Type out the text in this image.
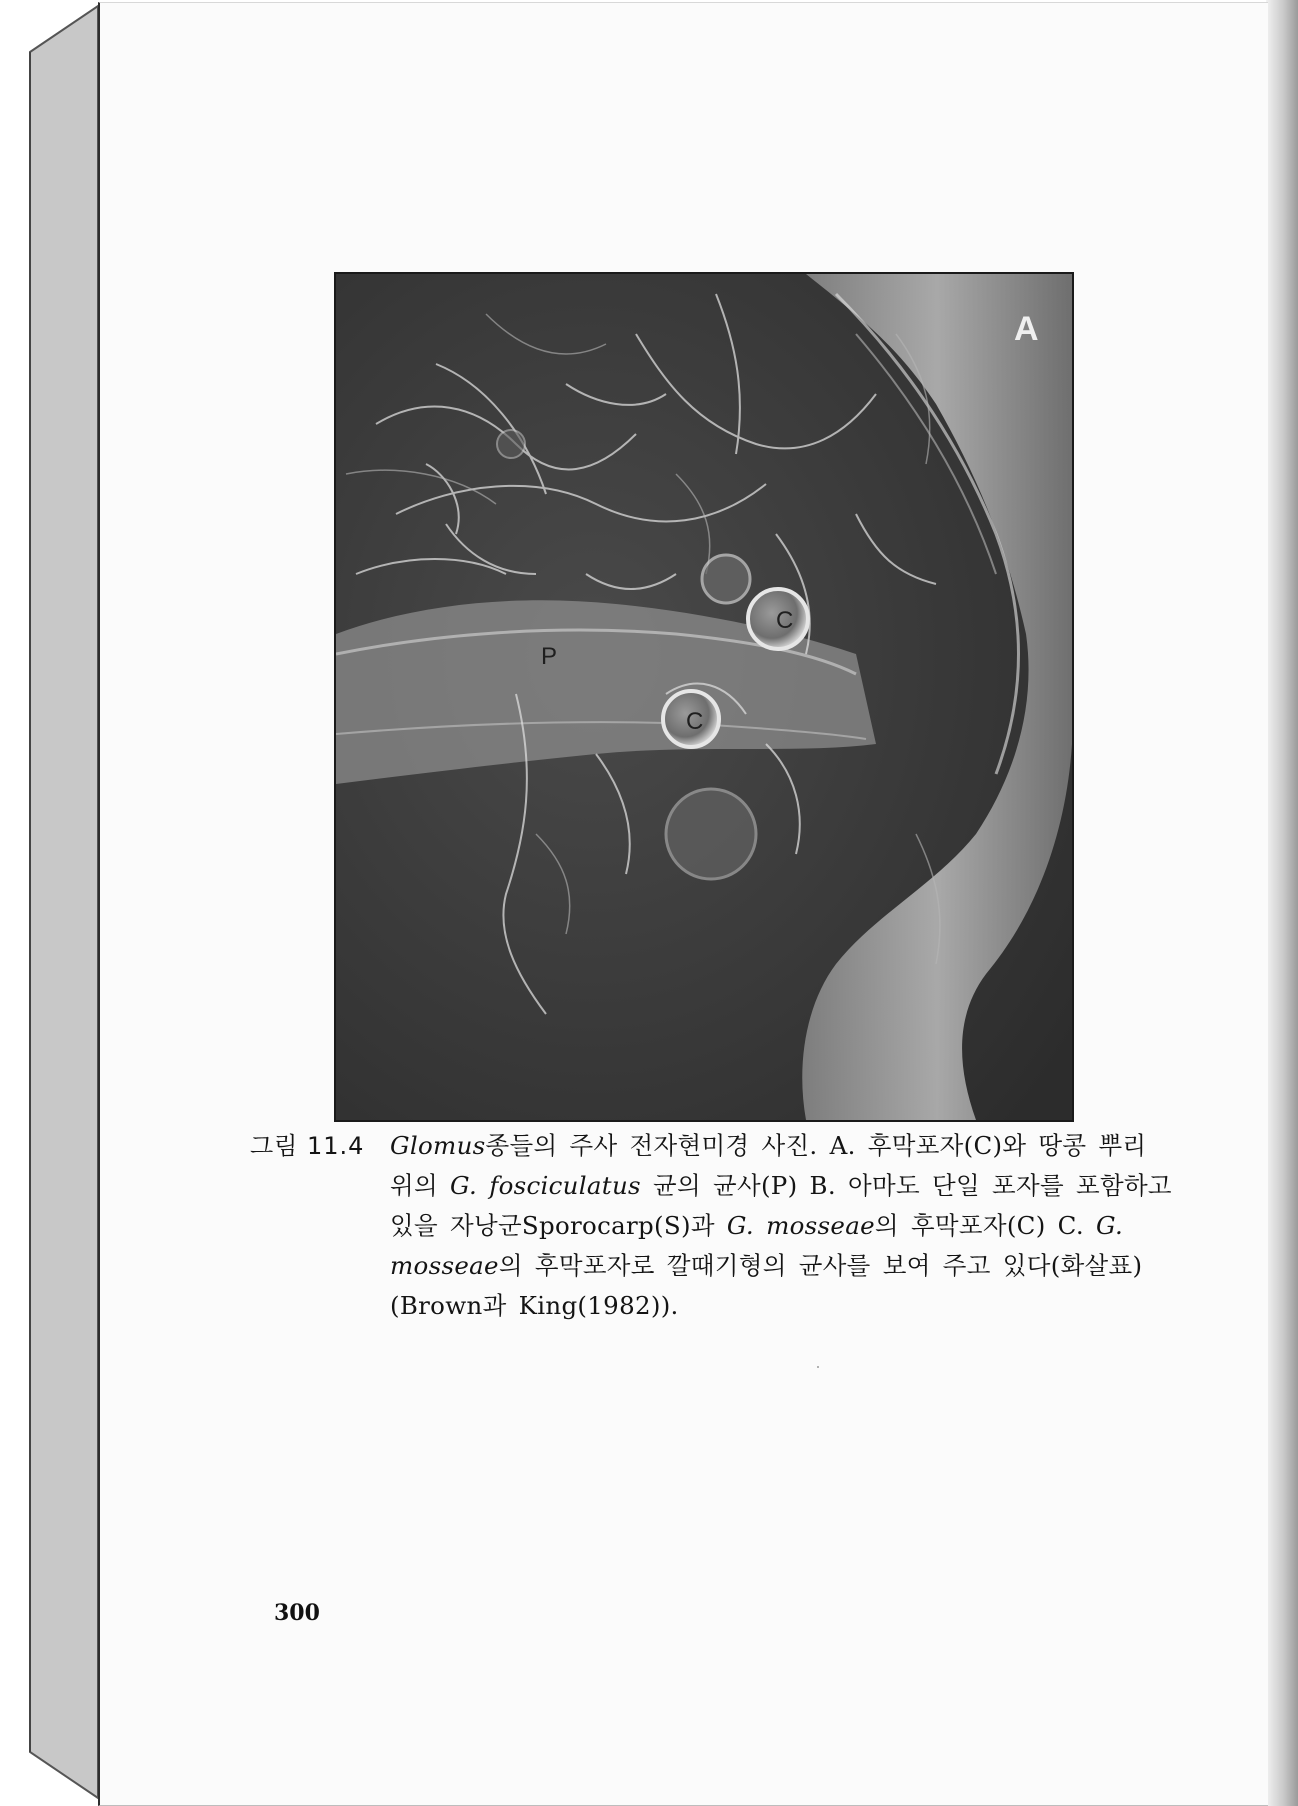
A
P
C
C
그림 11.4	Glomus종들의 주사 전자현미경 사진. A. 후막포자(C)와 땅콩 뿌리
위의 G. fosciculatus 균의 균사(P) B. 아마도 단일 포자를 포함하고
있을 자낭군Sporocarp(S)과 G. mosseae의 후막포자(C) C. G.
mosseae의 후막포자로 깔때기형의 균사를 보여 주고 있다(화살표)
(Brown과 King(1982)).
300
